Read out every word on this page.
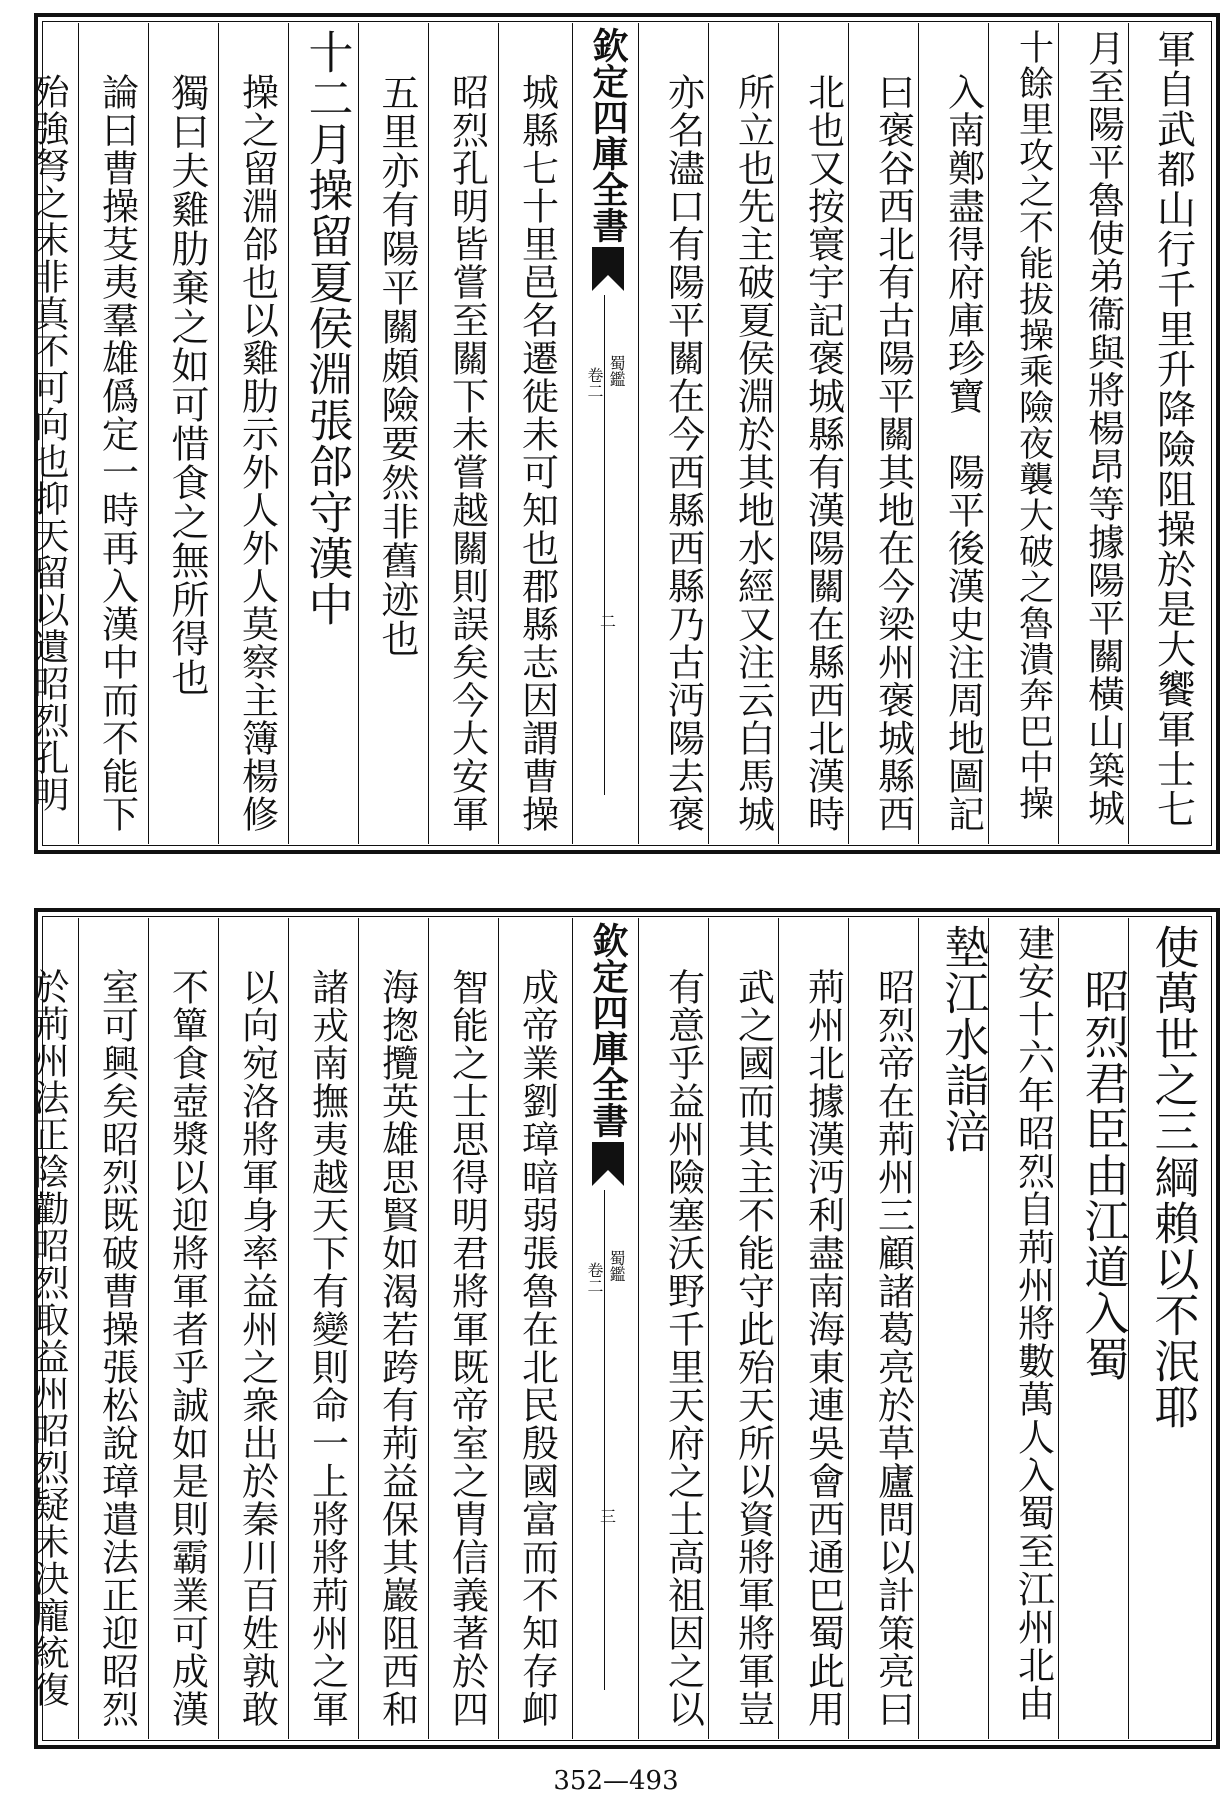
軍自武都山行千里升降險阻操於是大饗軍士七
月至陽平魯使弟衞與將楊昂等據陽平關橫山築城
十餘里攻之不能拔操乘險夜襲大破之魯潰奔巴中操
入南鄭盡得府庫珍寶　陽平後漢史注周地圖記
曰褒谷西北有古陽平關其地在今梁州褒城縣西
北也又按寰宇記褒城縣有漢陽關在縣西北漢時
所立也先主破夏侯淵於其地水經又注云白馬城
亦名濜口有陽平關在今西縣西縣乃古沔陽去褒
欽定四庫全書
蜀鑑
卷二
二
城縣七十里邑名遷徙未可知也郡縣志因謂曹操
昭烈孔明皆嘗至關下未嘗越關則誤矣今大安軍
五里亦有陽平關頗險要然非舊迹也
十二月操留夏侯淵張郃守漢中
操之留淵郃也以雞肋示外人外人莫察主簿楊修
獨曰夫雞肋棄之如可惜食之無所得也
論曰曹操芟夷羣雄僞定一時再入漢中而不能下
殆強弩之末非真不可向也抑天留以遺昭烈孔明
使萬世之三綱賴以不泯耶
昭烈君臣由江道入蜀
建安十六年昭烈自荊州將數萬人入蜀至江州北由
墊江水詣涪
昭烈帝在荊州三顧諸葛亮於草廬問以計策亮曰
荊州北據漢沔利盡南海東連吳會西通巴蜀此用
武之國而其主不能守此殆天所以資將軍將軍豈
有意乎益州險塞沃野千里天府之土高祖因之以
欽定四庫全書
蜀鑑
卷二
三
成帝業劉璋暗弱張魯在北民殷國富而不知存卹
智能之士思得明君將軍既帝室之胄信義著於四
海揔攬英雄思賢如渴若跨有荊益保其巖阻西和
諸戎南撫夷越天下有變則命一上將將荊州之軍
以向宛洛將軍身率益州之衆出於秦川百姓孰敢
不簞食壺漿以迎將軍者乎誠如是則霸業可成漢
室可興矣昭烈既破曹操張松說璋遣法正迎昭烈
於荊州法正陰勸昭烈取益州昭烈疑未決龐統復
352—493
